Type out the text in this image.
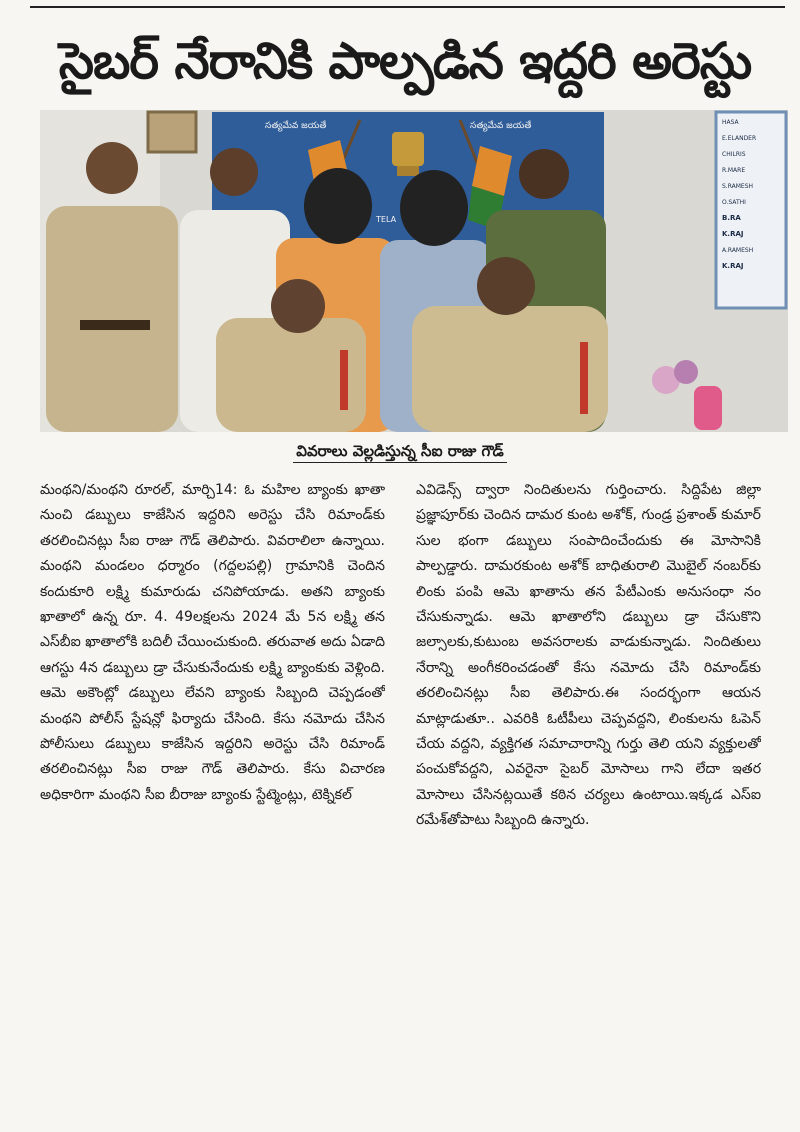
సైబర్ నేరానికి పాల్పడిన ఇద్దరి అరెస్టు
సత్యమేవ జయతే	సత్యమేవ జయతే
TELA
HASA
E.ELANDER
CHILRIS
R.MARE
S.RAMESH
O.SATHI
B.RA
K.RAJ
A.RAMESH
K.RAJ
వివరాలు వెల్లడిస్తున్న సీఐ రాజు గౌడ్

మంథని/మంథని రూరల్, మార్చి14: ఓ మహిల బ్యాంకు ఖాతా నుంచి డబ్బులు కాజేసిన ఇద్దరిని అరెస్టు చేసి రిమాండ్‌కు తరలించినట్లు సీఐ రాజు గౌడ్ తెలిపారు. వివరాలిలా ఉన్నాయి. మంథని మండలం ధర్మారం (గద్దలపల్లి) గ్రామానికి చెందిన కందుకూరి లక్ష్మి కుమారుడు చనిపోయాడు. అతని బ్యాంకు ఖాతాలో ఉన్న రూ. 4. 49లక్షలను 2024 మే 5న లక్ష్మి తన ఎస్‌బీఐ ఖాతాలోకి బదిలీ చేయించుకుంది. తరువాత అదు ఏడాది ఆగస్టు 4న డబ్బులు డ్రా చేసుకునేందుకు లక్ష్మి బ్యాంకుకు వెళ్లింది. ఆమె అకౌంట్లో డబ్బులు లేవని బ్యాంకు సిబ్బంది చెప్పడంతో మంథని పోలీస్ స్టేషన్లో ఫిర్యాదు చేసింది. కేసు నమోదు చేసిన పోలీసులు డబ్బులు కాజేసిన ఇద్దరిని అరెస్టు చేసి రిమాండ్ తరలించినట్లు సీఐ రాజు గౌడ్ తెలిపారు. కేసు విచారణ అధికారిగా మంథని సీఐ బీరాజు బ్యాంకు స్టేట్మెంట్లు, టెక్నికల్

ఎవిడెన్స్ ద్వారా నిందితులను గుర్తించారు. సిద్దిపేట జిల్లా ప్రజ్ఞాపూర్‌కు చెందిన దామర కుంట అశోక్, గుండ్ర ప్రశాంత్ కుమార్ సుల భంగా డబ్బులు సంపాదించేందుకు ఈ మోసానికి పాల్పడ్డారు. దామరకుంట అశోక్ బాధితురాలి మొబైల్ నంబర్‌కు లింకు పంపి ఆమె ఖాతాను తన పేటీఎంకు అనుసంధా నం చేసుకున్నాడు. ఆమె ఖాతాలోని డబ్బులు డ్రా చేసుకొని జల్సాలకు,కుటుంబ అవసరాలకు వాడుకున్నాడు. నిందితులు నేరాన్ని అంగీకరించడంతో కేసు నమోదు చేసి రిమాండ్‌కు తరలించినట్లు సీఐ తెలిపారు.ఈ సందర్భంగా ఆయన మాట్లాడుతూ.. ఎవరికి ఓటీపీలు చెప్పవద్దని, లింకులను ఓపెన్ చేయ వద్దని, వ్యక్తిగత సమాచారాన్ని గుర్తు తెలి యని వ్యక్తులతో పంచుకోవద్దని, ఎవరైనా సైబర్ మోసాలు గాని లేదా ఇతర మోసాలు చేసినట్లయితే కఠిన చర్యలు ఉంటాయి.ఇక్కడ ఎస్ఐ రమేశ్‌తోపాటు సిబ్బంది ఉన్నారు.
